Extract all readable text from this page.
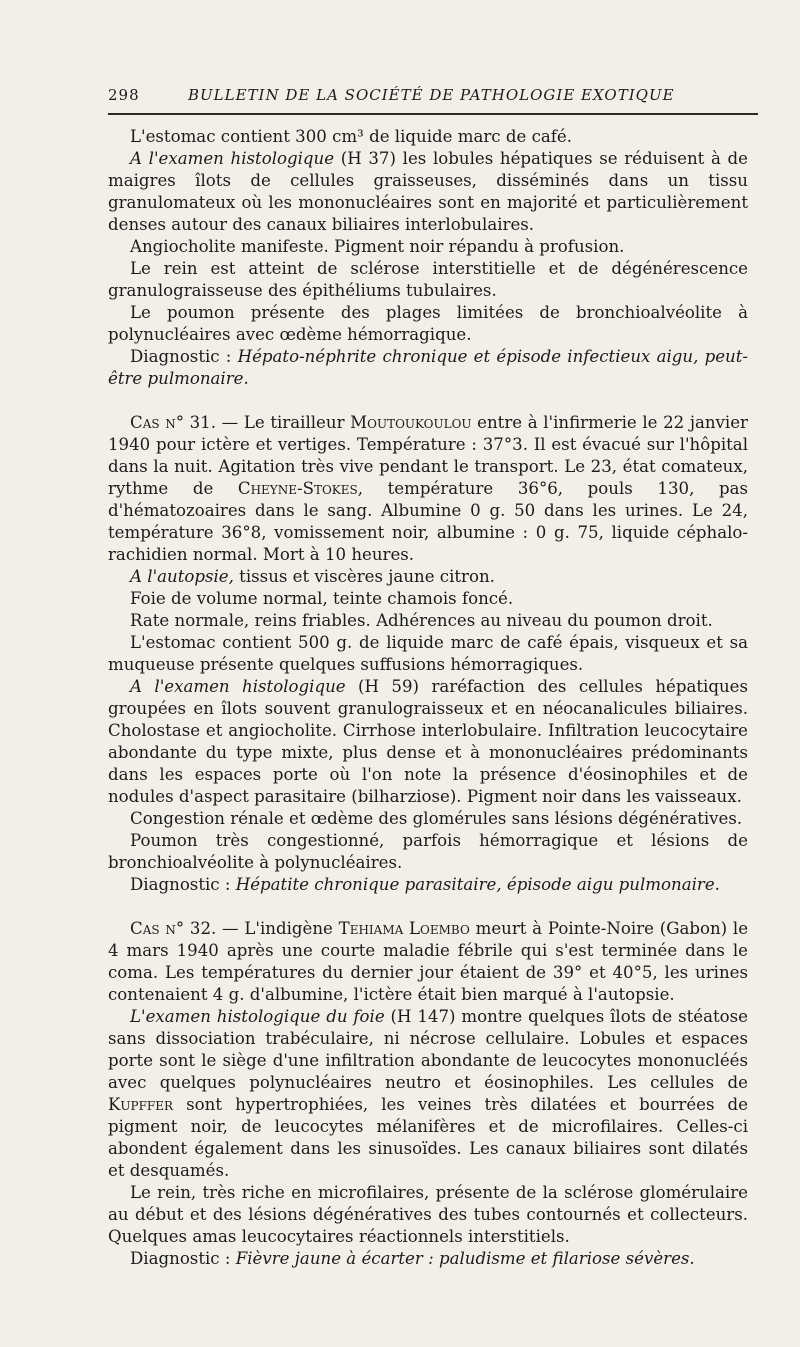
298	BULLETIN DE LA SOCIÉTÉ DE PATHOLOGIE EXOTIQUE

L'estomac contient 300 cm³ de liquide marc de café.

A l'examen histologique (H 37) les lobules hépatiques se réduisent à de maigres îlots de cellules graisseuses, disséminés dans un tissu granulomateux où les mononucléaires sont en majorité et particulièrement denses autour des canaux biliaires interlobulaires.

Angiocholite manifeste. Pigment noir répandu à profusion.

Le rein est atteint de sclérose interstitielle et de dégénérescence granulograisseuse des épithéliums tubulaires.

Le poumon présente des plages limitées de bronchioalvéolite à polynucléaires avec œdème hémorragique.

Diagnostic : Hépato-néphrite chronique et épisode infectieux aigu, peut-être pulmonaire.

Cas n° 31. — Le tirailleur Moutoukoulou entre à l'infirmerie le 22 janvier 1940 pour ictère et vertiges. Température : 37°3. Il est évacué sur l'hôpital dans la nuit. Agitation très vive pendant le transport. Le 23, état comateux, rythme de Cheyne-Stokes, température 36°6, pouls 130, pas d'hématozoaires dans le sang. Albumine 0 g. 50 dans les urines. Le 24, température 36°8, vomissement noir, albumine : 0 g. 75, liquide céphalo-rachidien normal. Mort à 10 heures.

A l'autopsie, tissus et viscères jaune citron.

Foie de volume normal, teinte chamois foncé.

Rate normale, reins friables. Adhérences au niveau du poumon droit.

L'estomac contient 500 g. de liquide marc de café épais, visqueux et sa muqueuse présente quelques suffusions hémorragiques.

A l'examen histologique (H 59) raréfaction des cellules hépatiques groupées en îlots souvent granulograisseux et en néocanalicules biliaires. Cholostase et angiocholite. Cirrhose interlobulaire. Infiltration leucocytaire abondante du type mixte, plus dense et à mononucléaires prédominants dans les espaces porte où l'on note la présence d'éosinophiles et de nodules d'aspect parasitaire (bilharziose). Pigment noir dans les vaisseaux.

Congestion rénale et œdème des glomérules sans lésions dégénératives.

Poumon très congestionné, parfois hémorragique et lésions de bronchioalvéolite à polynucléaires.

Diagnostic : Hépatite chronique parasitaire, épisode aigu pulmonaire.

Cas n° 32. — L'indigène Tehiama Loembo meurt à Pointe-Noire (Gabon) le 4 mars 1940 après une courte maladie fébrile qui s'est terminée dans le coma. Les températures du dernier jour étaient de 39° et 40°5, les urines contenaient 4 g. d'albumine, l'ictère était bien marqué à l'autopsie.

L'examen histologique du foie (H 147) montre quelques îlots de stéatose sans dissociation trabéculaire, ni nécrose cellulaire. Lobules et espaces porte sont le siège d'une infiltration abondante de leucocytes mononucléés avec quelques polynucléaires neutro et éosinophiles. Les cellules de Kupffer sont hypertrophiées, les veines très dilatées et bourrées de pigment noir, de leucocytes mélanifères et de microfilaires. Celles-ci abondent également dans les sinusoïdes. Les canaux biliaires sont dilatés et desquamés.

Le rein, très riche en microfilaires, présente de la sclérose glomérulaire au début et des lésions dégénératives des tubes contournés et collecteurs. Quelques amas leucocytaires réactionnels interstitiels.

Diagnostic : Fièvre jaune à écarter : paludisme et filariose sévères.
